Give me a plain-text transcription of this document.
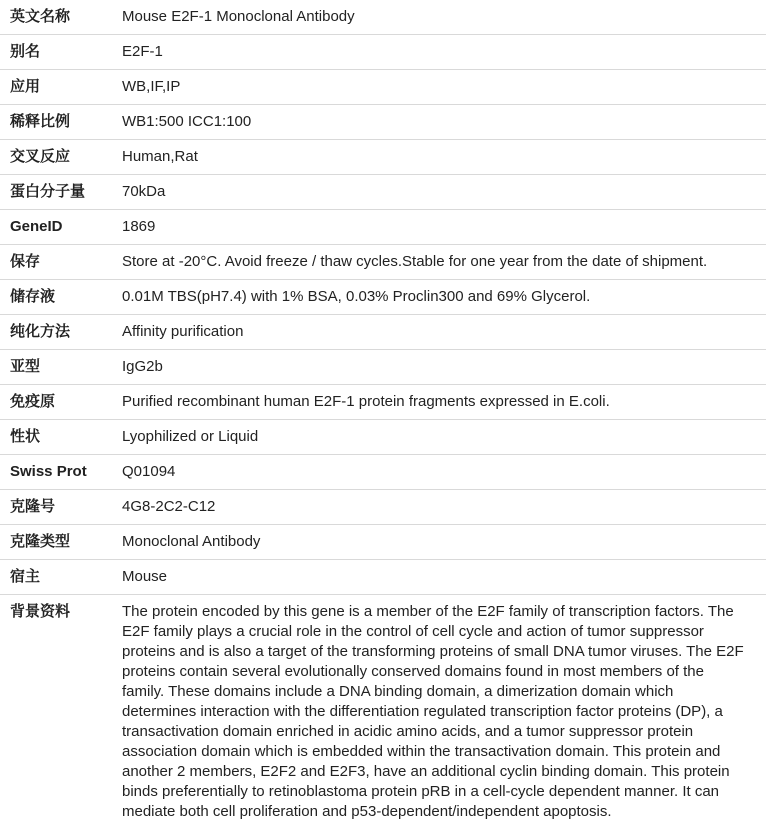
英文名称	Mouse E2F-1 Monoclonal Antibody
别名	E2F-1
应用	WB,IF,IP
稀释比例	WB1:500 ICC1:100
交叉反应	Human,Rat
蛋白分子量	70kDa
GeneID	1869
保存	Store at -20°C. Avoid freeze / thaw cycles.Stable for one year from the date of shipment.
储存液	0.01M TBS(pH7.4) with 1% BSA, 0.03% Proclin300 and 69% Glycerol.
纯化方法	Affinity purification
亚型	IgG2b
免疫原	Purified recombinant human E2F-1 protein fragments expressed in E.coli.
性状	Lyophilized or Liquid
Swiss Prot	Q01094
克隆号	4G8-2C2-C12
克隆类型	Monoclonal Antibody
宿主	Mouse
背景资料	The protein encoded by this gene is a member of the E2F family of transcription factors. The E2F family plays a crucial role in the control of cell cycle and action of tumor suppressor proteins and is also a target of the transforming proteins of small DNA tumor viruses. The E2F proteins contain several evolutionally conserved domains found in most members of the family. These domains include a DNA binding domain, a dimerization domain which determines interaction with the differentiation regulated transcription factor proteins (DP), a transactivation domain enriched in acidic amino acids, and a tumor suppressor protein association domain which is embedded within the transactivation domain. This protein and another 2 members, E2F2 and E2F3, have an additional cyclin binding domain. This protein binds preferentially to retinoblastoma protein pRB in a cell-cycle dependent manner. It can mediate both cell proliferation and p53-dependent/independent apoptosis.
